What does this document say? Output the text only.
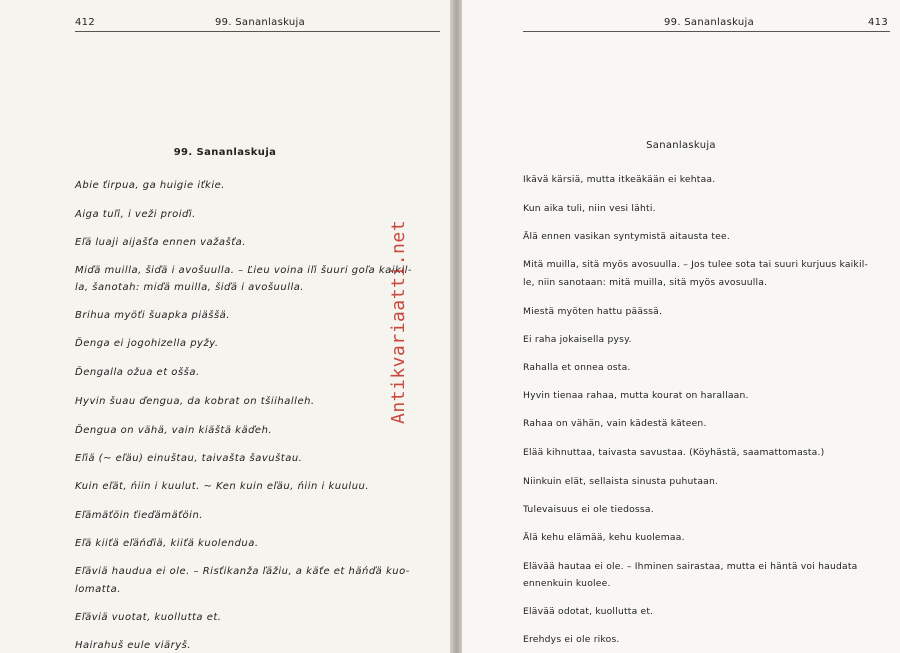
412	99. Sananlaskuja
99. Sananlaskuja
99. Sananlaskuja	413
Sananlaskuja
Abie ťirpua, ga huigie iťkie.
Aiga tuľi, i veži proiďi.
Eľä luaji aijašťa ennen važašťa.
Miďä muilla, šiďä i avošuulla. – Ľieu voina iľi šuuri goľa kaikil-
la, šanotah: miďä muilla, šiďä i avošuulla.
Brihua myöťi šuapka piäššä.
Ďenga ei jogohizella pyžy.
Ďengalla ožua et ošša.
Hyvin šuau ďengua, da kobrat on tšiihalleh.
Ďengua on vähä, vain kiäštä käďeh.
Eľiä (~ eľäu) einuštau, taivašta šavuštau.
Kuin eľät, ńiin i kuulut. ~ Ken kuin eľäu, ńiin i kuuluu.
Eľämäťöin ťieďämäťöin.
Eľä kiiťä eľäńďiä, kiiťä kuolendua.
Eľäviä haudua ei ole. – Risťikanža ľäžiu, a käťe et häńďä kuo-
lomatta.
Eľäviä vuotat, kuollutta et.
Hairahuš eule viäryš.
Ikävä kärsiä, mutta itkeäkään ei kehtaa.
Kun aika tuli, niin vesi lähti.
Älä ennen vasikan syntymistä aitausta tee.
Mitä muilla, sitä myös avosuulla. – Jos tulee sota tai suuri kurjuus kaikil-
le, niin sanotaan: mitä muilla, sitä myös avosuulla.
Miestä myöten hattu päässä.
Ei raha jokaisella pysy.
Rahalla et onnea osta.
Hyvin tienaa rahaa, mutta kourat on harallaan.
Rahaa on vähän, vain kädestä käteen.
Elää kihnuttaa, taivasta savustaa. (Köyhästä, saamattomasta.)
Niinkuin elät, sellaista sinusta puhutaan.
Tulevaisuus ei ole tiedossa.
Älä kehu elämää, kehu kuolemaa.
Elävää hautaa ei ole. – Ihminen sairastaa, mutta ei häntä voi haudata
ennenkuin kuolee.
Elävää odotat, kuollutta et.
Erehdys ei ole rikos.
Antikvariaatti.net
